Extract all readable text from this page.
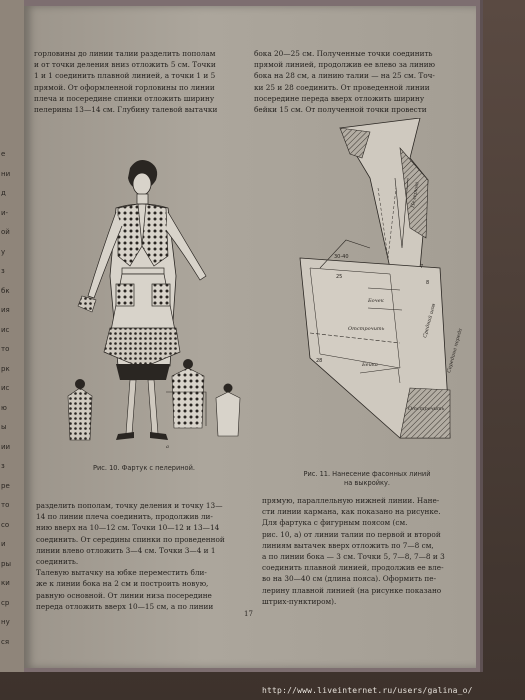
е
ни
д
и-
ой
у
з
бк
ия
ис
то
рк
ис
ю
ы
ии
з
ре
то
со
и
ры
ки
ср
ну
ся
горловины до линии талии разделить пополам
и от точки деления вниз отложить 5 см. Точки
1 и 1 соединить плавной линией, а точки 1 и 5
прямой. От оформленной горловины по линии
плеча и посередине спинки отложить ширину
пелерины 13—14 см. Глубину талевой вытачки
бока 20—25 см. Полученные точки соединить
прямой линией, продолжив ее влево за линию
бока на 28 см, а линию талии — на 25 см. Точ-
ки 25 и 28 соединить. От проведенной линии
посередине переда вверх отложить ширину
бейки 15 см. От полученной точки провести
a
30-40
25
28
7
8
Отстрочить
Бейка
Отстрочить
Бочек
Середина переда
Средний шов
Пелерина
Рис. 10. Фартук с пелериной.
Рис. 11. Нанесение фасонных линий
на выкройку.
разделить пополам, точку деления и точку 13—
14 по линии плеча соединить, продолжив ли-
нию вверх на 10—12 см. Точки 10—12 и 13—14
соединить. От середины спинки по проведенной
линии влево отложить 3—4 см. Точки 3—4 и 1
соединить.
Талевую вытачку на юбке переместить бли-
же к линии бока на 2 см и построить новую,
равную основной. От линии низа посередине
переда отложить вверх 10—15 см, а по линии
прямую, параллельную нижней линии. Нане-
сти линии кармана, как показано на рисунке.
Для фартука с фигурным поясом (см.
рис. 10, а) от линии талии по первой и второй
линиям вытачек вверх отложить по 7—8 см,
а по линии бока — 3 см. Точки 5, 7—8, 7—8 и 3
соединить плавной линией, продолжив ее вле-
во на 30—40 см (длина пояса). Оформить пе-
лерину плавной линией (на рисунке показано
штрих-пунктиром).
17
http://www.liveinternet.ru/users/galina_o/
